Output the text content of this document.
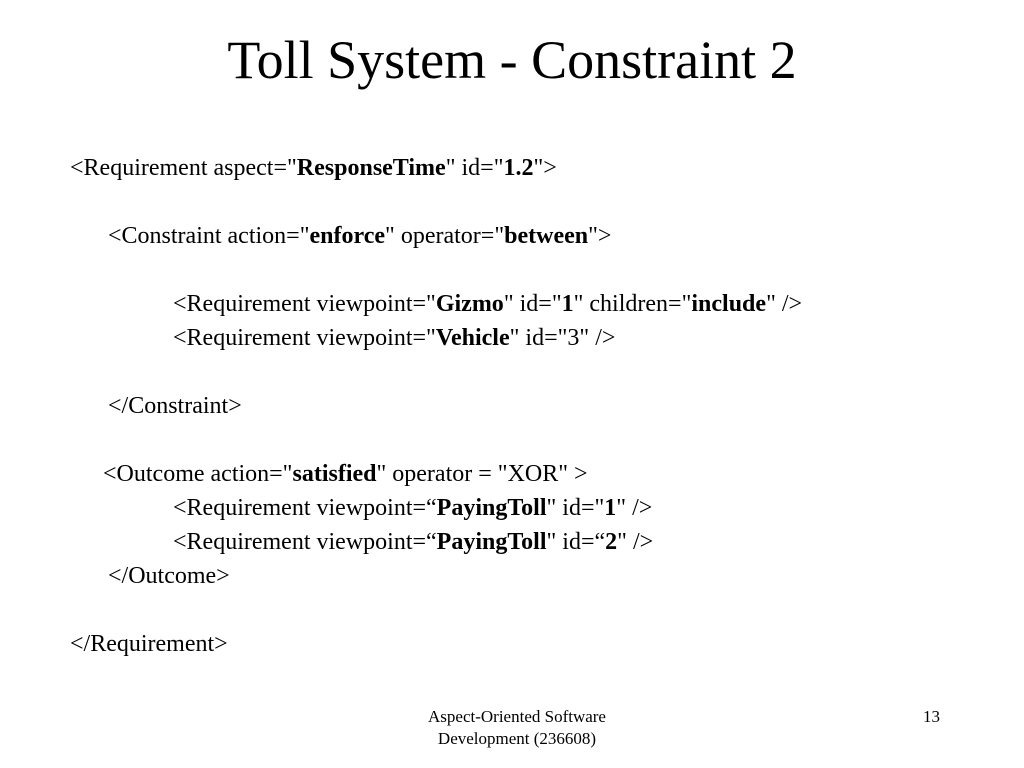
Toll System - Constraint 2
<Requirement aspect="ResponseTime" id="1.2">
<Constraint action="enforce" operator="between">
<Requirement viewpoint="Gizmo" id="1" children="include" />
<Requirement viewpoint="Vehicle" id="3" />
</Constraint>
<Outcome action="satisfied" operator = "XOR" >
<Requirement viewpoint=“PayingToll" id="1" />
<Requirement viewpoint=“PayingToll" id=“2" />
</Outcome>
</Requirement>
Aspect-Oriented Software
Development (236608)
13
